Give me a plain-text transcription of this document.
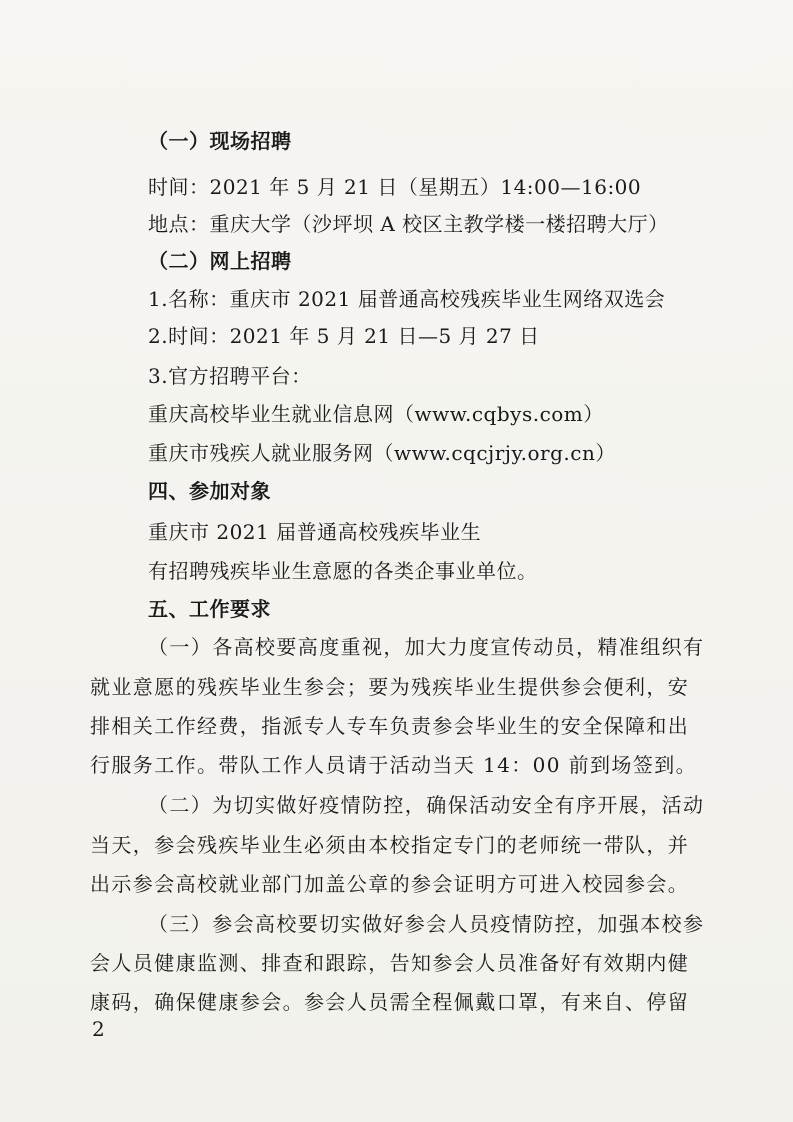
（一）现场招聘
时间：2021 年 5 月 21 日（星期五）14:00—16:00
地点：重庆大学（沙坪坝 A 校区主教学楼一楼招聘大厅）
（二）网上招聘
1.名称：重庆市 2021 届普通高校残疾毕业生网络双选会
2.时间：2021 年 5 月 21 日—5 月 27 日
3.官方招聘平台：
重庆高校毕业生就业信息网（www.cqbys.com）
重庆市残疾人就业服务网（www.cqcjrjy.org.cn）
四、参加对象
重庆市 2021 届普通高校残疾毕业生
有招聘残疾毕业生意愿的各类企事业单位。
五、工作要求
（一）各高校要高度重视，加大力度宣传动员，精准组织有
就业意愿的残疾毕业生参会；要为残疾毕业生提供参会便利，安
排相关工作经费，指派专人专车负责参会毕业生的安全保障和出
行服务工作。带队工作人员请于活动当天 14：00 前到场签到。
（二）为切实做好疫情防控，确保活动安全有序开展，活动
当天，参会残疾毕业生必须由本校指定专门的老师统一带队，并
出示参会高校就业部门加盖公章的参会证明方可进入校园参会。
（三）参会高校要切实做好参会人员疫情防控，加强本校参
会人员健康监测、排查和跟踪，告知参会人员准备好有效期内健
康码，确保健康参会。参会人员需全程佩戴口罩，有来自、停留
2
